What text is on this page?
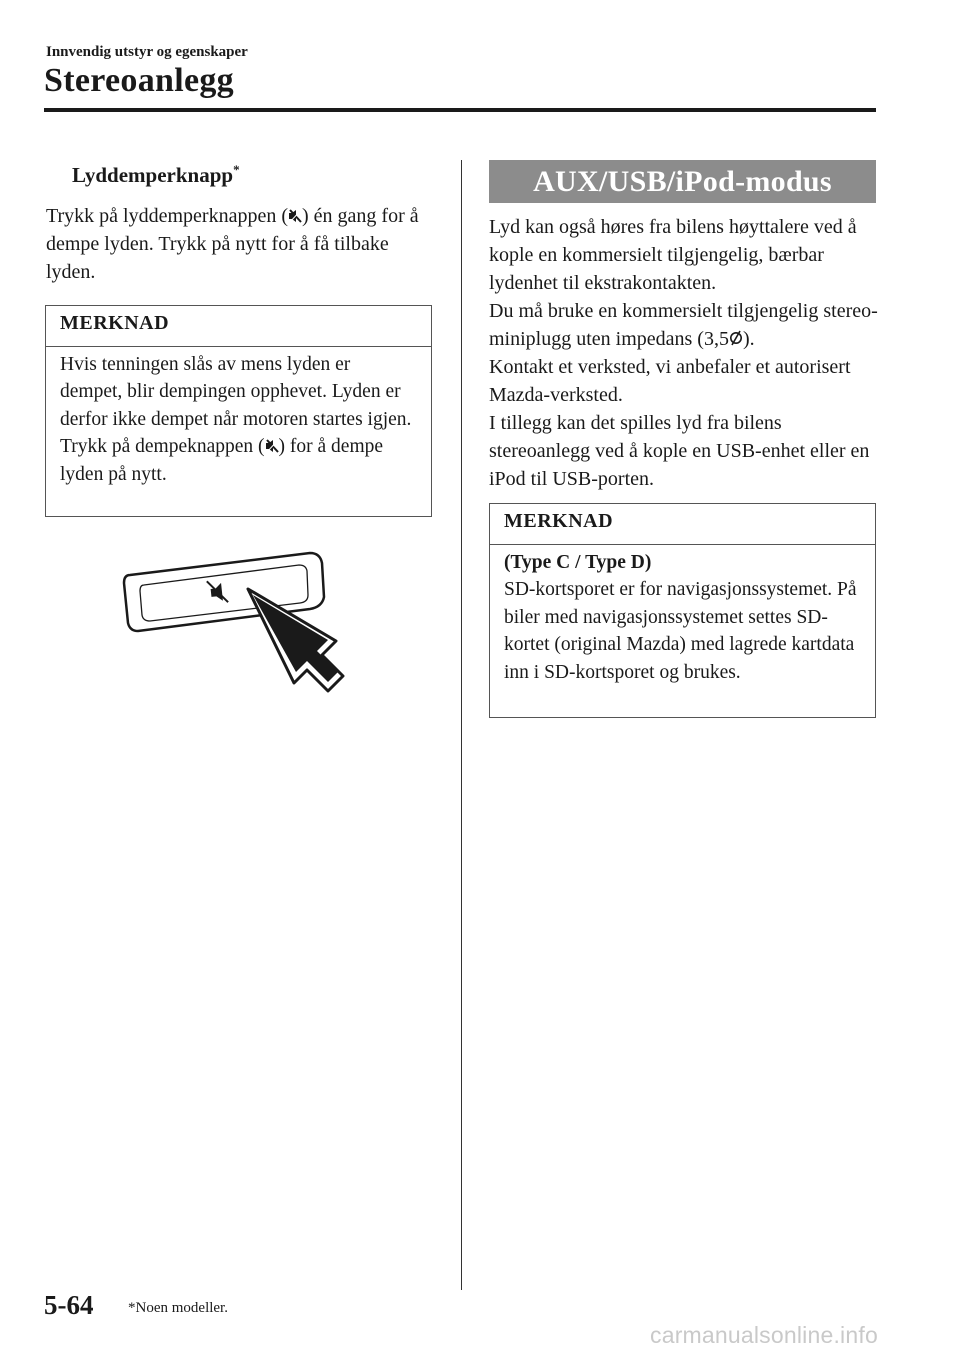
Innvendig utstyr og egenskaper
Stereoanlegg
Lyddemperknapp*
Trykk på lyddemperknappen ( ) én gang for å dempe lyden. Trykk på nytt for å få tilbake lyden.
MERKNAD
Hvis tenningen slås av mens lyden er dempet, blir dempingen opphevet. Lyden er derfor ikke dempet når motoren startes igjen. Trykk på dempeknappen ( ) for å dempe lyden på nytt.
AUX/USB/iPod-modus
Lyd kan også høres fra bilens høyttalere ved å kople en kommersielt tilgjengelig, bærbar lydenhet til ekstrakontakten.
Du må bruke en kommersielt tilgjengelig stereo-miniplugg uten impedans (3,5 ).
Kontakt et verksted, vi anbefaler et autorisert Mazda-verksted.
I tillegg kan det spilles lyd fra bilens stereoanlegg ved å kople en USB-enhet eller en iPod til USB-porten.
MERKNAD
(Type C / Type D)
SD-kortsporet er for navigasjonssystemet. På biler med navigasjonssystemet settes SD-kortet (original Mazda) med lagrede kartdata inn i SD-kortsporet og brukes.
5-64 *Noen modeller.
carmanualsonline.info
